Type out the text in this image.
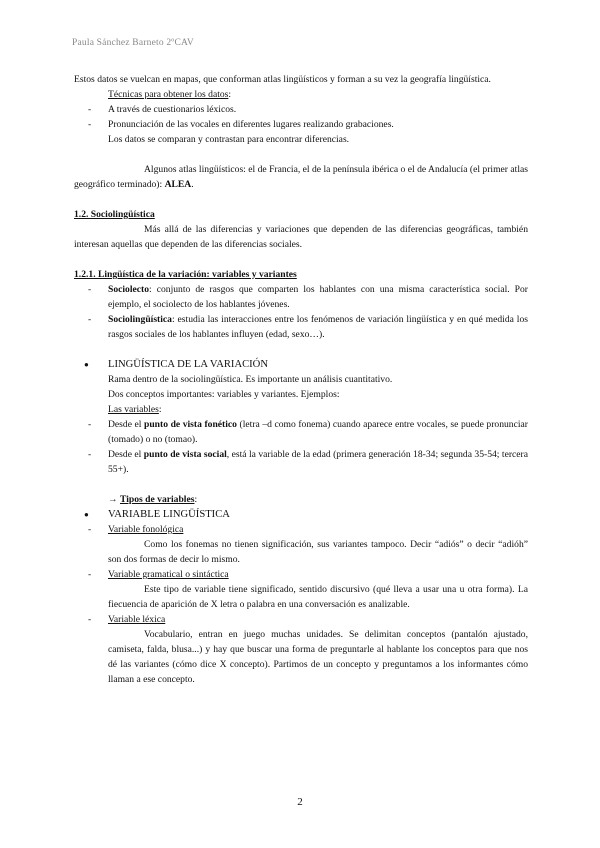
Paula Sánchez Barneto 2ºCAV

Estos datos se vuelcan en mapas, que conforman atlas lingüísticos y forman a su vez la geografía lingüística.

Técnicas para obtener los datos:

- A través de cuestionarios léxicos.

- Pronunciación de las vocales en diferentes lugares realizando grabaciones.

Los datos se comparan y contrastan para encontrar diferencias.

Algunos atlas lingüísticos: el de Francia, el de la península ibérica o el de Andalucía (el primer atlas geográfico terminado): ALEA.

1.2. Sociolingüística

Más allá de las diferencias y variaciones que dependen de las diferencias geográficas, también interesan aquellas que dependen de las diferencias sociales.

1.2.1. Lingüística de la variación: variables y variantes

- Sociolecto: conjunto de rasgos que comparten los hablantes con una misma característica social. Por ejemplo, el sociolecto de los hablantes jóvenes.

- Sociolingüística: estudia las interacciones entre los fenómenos de variación lingüística y en qué medida los rasgos sociales de los hablantes influyen (edad, sexo…).

● LINGÜÍSTICA DE LA VARIACIÓN

Rama dentro de la sociolingüística. Es importante un análisis cuantitativo.

Dos conceptos importantes: variables y variantes. Ejemplos:

Las variables:

- Desde el punto de vista fonético (letra –d como fonema) cuando aparece entre vocales, se puede pronunciar (tomado) o no (tomao).

- Desde el punto de vista social, está la variable de la edad (primera generación 18-34; segunda 35-54; tercera 55+).

→ Tipos de variables:

● VARIABLE LINGÜÍSTICA

- Variable fonológica

Como los fonemas no tienen significación, sus variantes tampoco. Decir “adiós” o decir “adióh” son dos formas de decir lo mismo.

- Variable gramatical o sintáctica

Este tipo de variable tiene significado, sentido discursivo (qué lleva a usar una u otra forma). La fiecuencia de aparición de X letra o palabra en una conversación es analizable.

- Variable léxica

Vocabulario, entran en juego muchas unidades. Se delimitan conceptos (pantalón ajustado, camiseta, falda, blusa...) y hay que buscar una forma de preguntarle al hablante los conceptos para que nos dé las variantes (cómo dice X concepto). Partimos de un concepto y preguntamos a los informantes cómo llaman a ese concepto.

2
